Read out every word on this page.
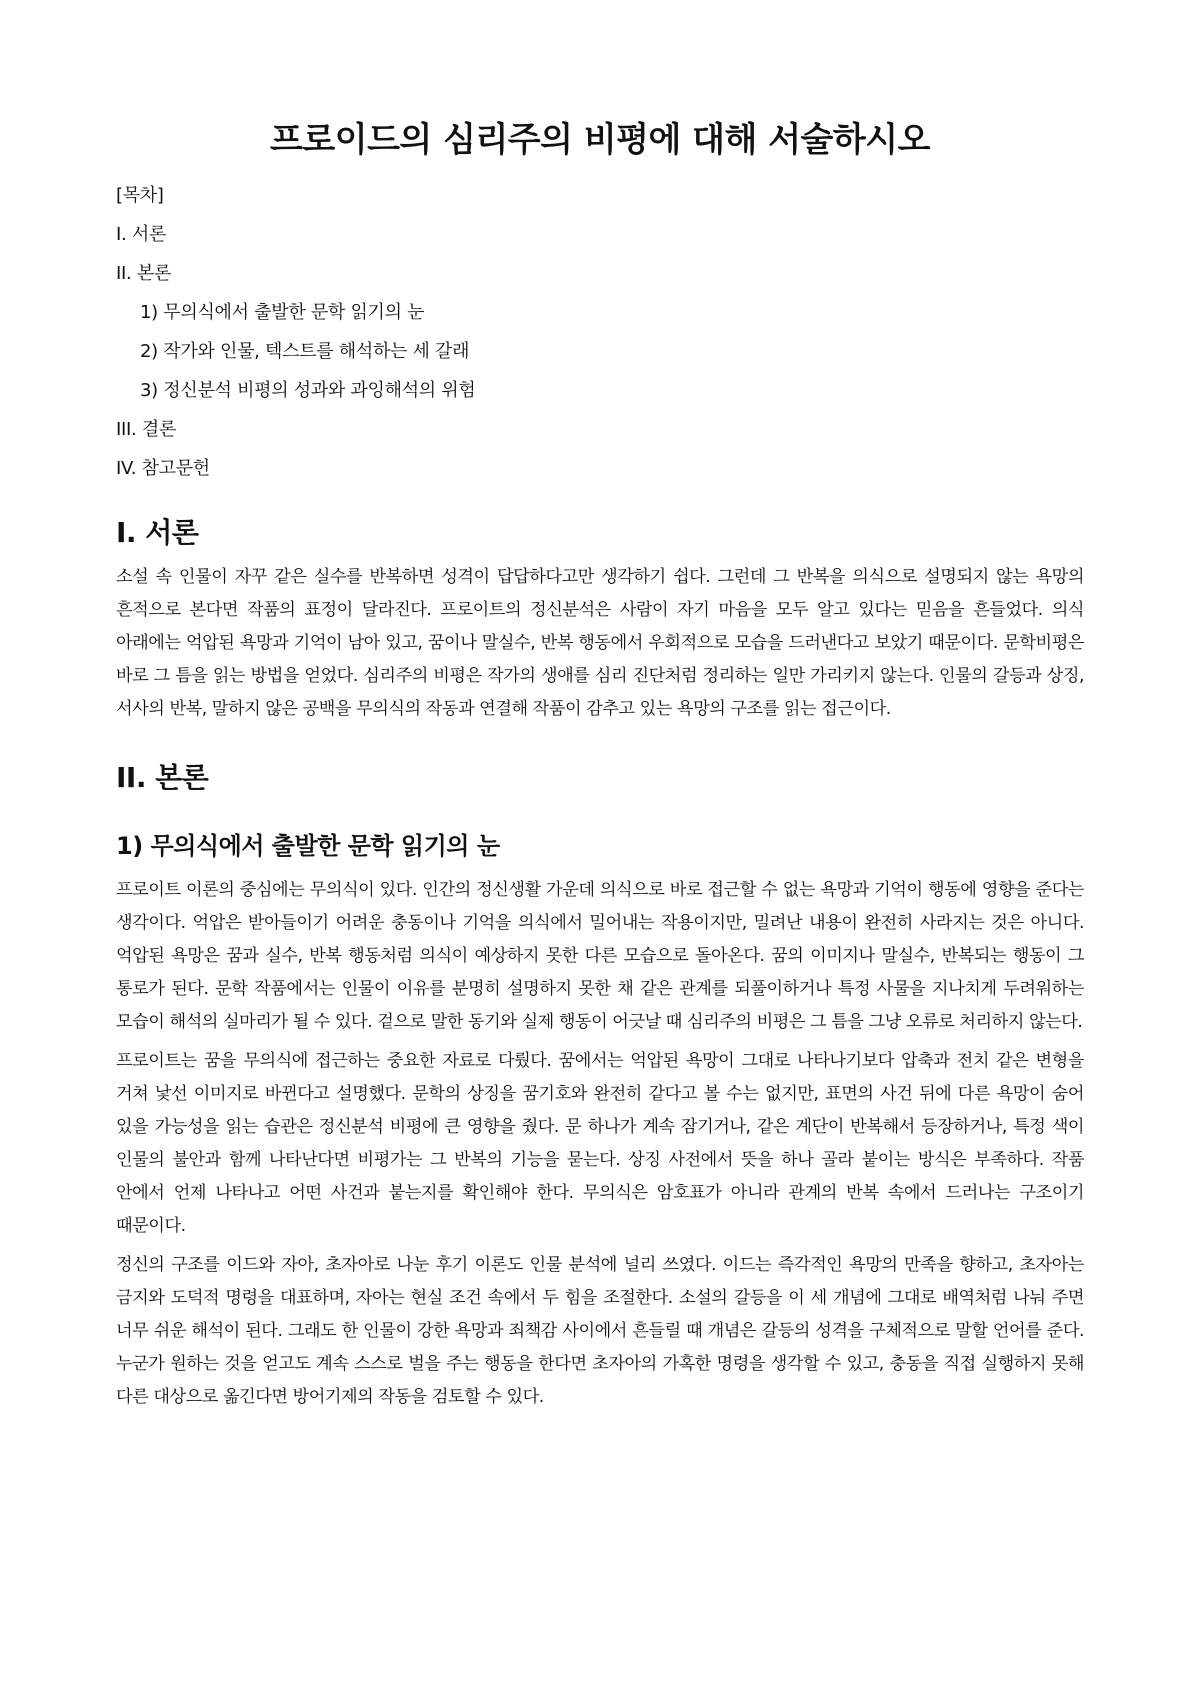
프로이드의 심리주의 비평에 대해 서술하시오
[목차]
I. 서론
II. 본론
1) 무의식에서 출발한 문학 읽기의 눈
2) 작가와 인물, 텍스트를 해석하는 세 갈래
3) 정신분석 비평의 성과와 과잉해석의 위험
III. 결론
IV. 참고문헌
I. 서론

소설 속 인물이 자꾸 같은 실수를 반복하면 성격이 답답하다고만 생각하기 쉽다. 그런데 그 반복을 의식으로 설명되지 않는 욕망의 흔적으로 본다면 작품의 표정이 달라진다. 프로이트의 정신분석은 사람이 자기 마음을 모두 알고 있다는 믿음을 흔들었다. 의식 아래에는 억압된 욕망과 기억이 남아 있고, 꿈이나 말실수, 반복 행동에서 우회적으로 모습을 드러낸다고 보았기 때문이다. 문학비평은 바로 그 틈을 읽는 방법을 얻었다. 심리주의 비평은 작가의 생애를 심리 진단처럼 정리하는 일만 가리키지 않는다. 인물의 갈등과 상징, 서사의 반복, 말하지 않은 공백을 무의식의 작동과 연결해 작품이 감추고 있는 욕망의 구조를 읽는 접근이다.

II. 본론
1) 무의식에서 출발한 문학 읽기의 눈

프로이트 이론의 중심에는 무의식이 있다. 인간의 정신생활 가운데 의식으로 바로 접근할 수 없는 욕망과 기억이 행동에 영향을 준다는 생각이다. 억압은 받아들이기 어려운 충동이나 기억을 의식에서 밀어내는 작용이지만, 밀려난 내용이 완전히 사라지는 것은 아니다. 억압된 욕망은 꿈과 실수, 반복 행동처럼 의식이 예상하지 못한 다른 모습으로 돌아온다. 꿈의 이미지나 말실수, 반복되는 행동이 그 통로가 된다. 문학 작품에서는 인물이 이유를 분명히 설명하지 못한 채 같은 관계를 되풀이하거나 특정 사물을 지나치게 두려워하는 모습이 해석의 실마리가 될 수 있다. 겉으로 말한 동기와 실제 행동이 어긋날 때 심리주의 비평은 그 틈을 그냥 오류로 처리하지 않는다.

프로이트는 꿈을 무의식에 접근하는 중요한 자료로 다뤘다. 꿈에서는 억압된 욕망이 그대로 나타나기보다 압축과 전치 같은 변형을 거쳐 낯선 이미지로 바뀐다고 설명했다. 문학의 상징을 꿈기호와 완전히 같다고 볼 수는 없지만, 표면의 사건 뒤에 다른 욕망이 숨어 있을 가능성을 읽는 습관은 정신분석 비평에 큰 영향을 줬다. 문 하나가 계속 잠기거나, 같은 계단이 반복해서 등장하거나, 특정 색이 인물의 불안과 함께 나타난다면 비평가는 그 반복의 기능을 묻는다. 상징 사전에서 뜻을 하나 골라 붙이는 방식은 부족하다. 작품 안에서 언제 나타나고 어떤 사건과 붙는지를 확인해야 한다. 무의식은 암호표가 아니라 관계의 반복 속에서 드러나는 구조이기 때문이다.

정신의 구조를 이드와 자아, 초자아로 나눈 후기 이론도 인물 분석에 널리 쓰였다. 이드는 즉각적인 욕망의 만족을 향하고, 초자아는 금지와 도덕적 명령을 대표하며, 자아는 현실 조건 속에서 두 힘을 조절한다. 소설의 갈등을 이 세 개념에 그대로 배역처럼 나눠 주면 너무 쉬운 해석이 된다. 그래도 한 인물이 강한 욕망과 죄책감 사이에서 흔들릴 때 개념은 갈등의 성격을 구체적으로 말할 언어를 준다. 누군가 원하는 것을 얻고도 계속 스스로 벌을 주는 행동을 한다면 초자아의 가혹한 명령을 생각할 수 있고, 충동을 직접 실행하지 못해 다른 대상으로 옮긴다면 방어기제의 작동을 검토할 수 있다.
